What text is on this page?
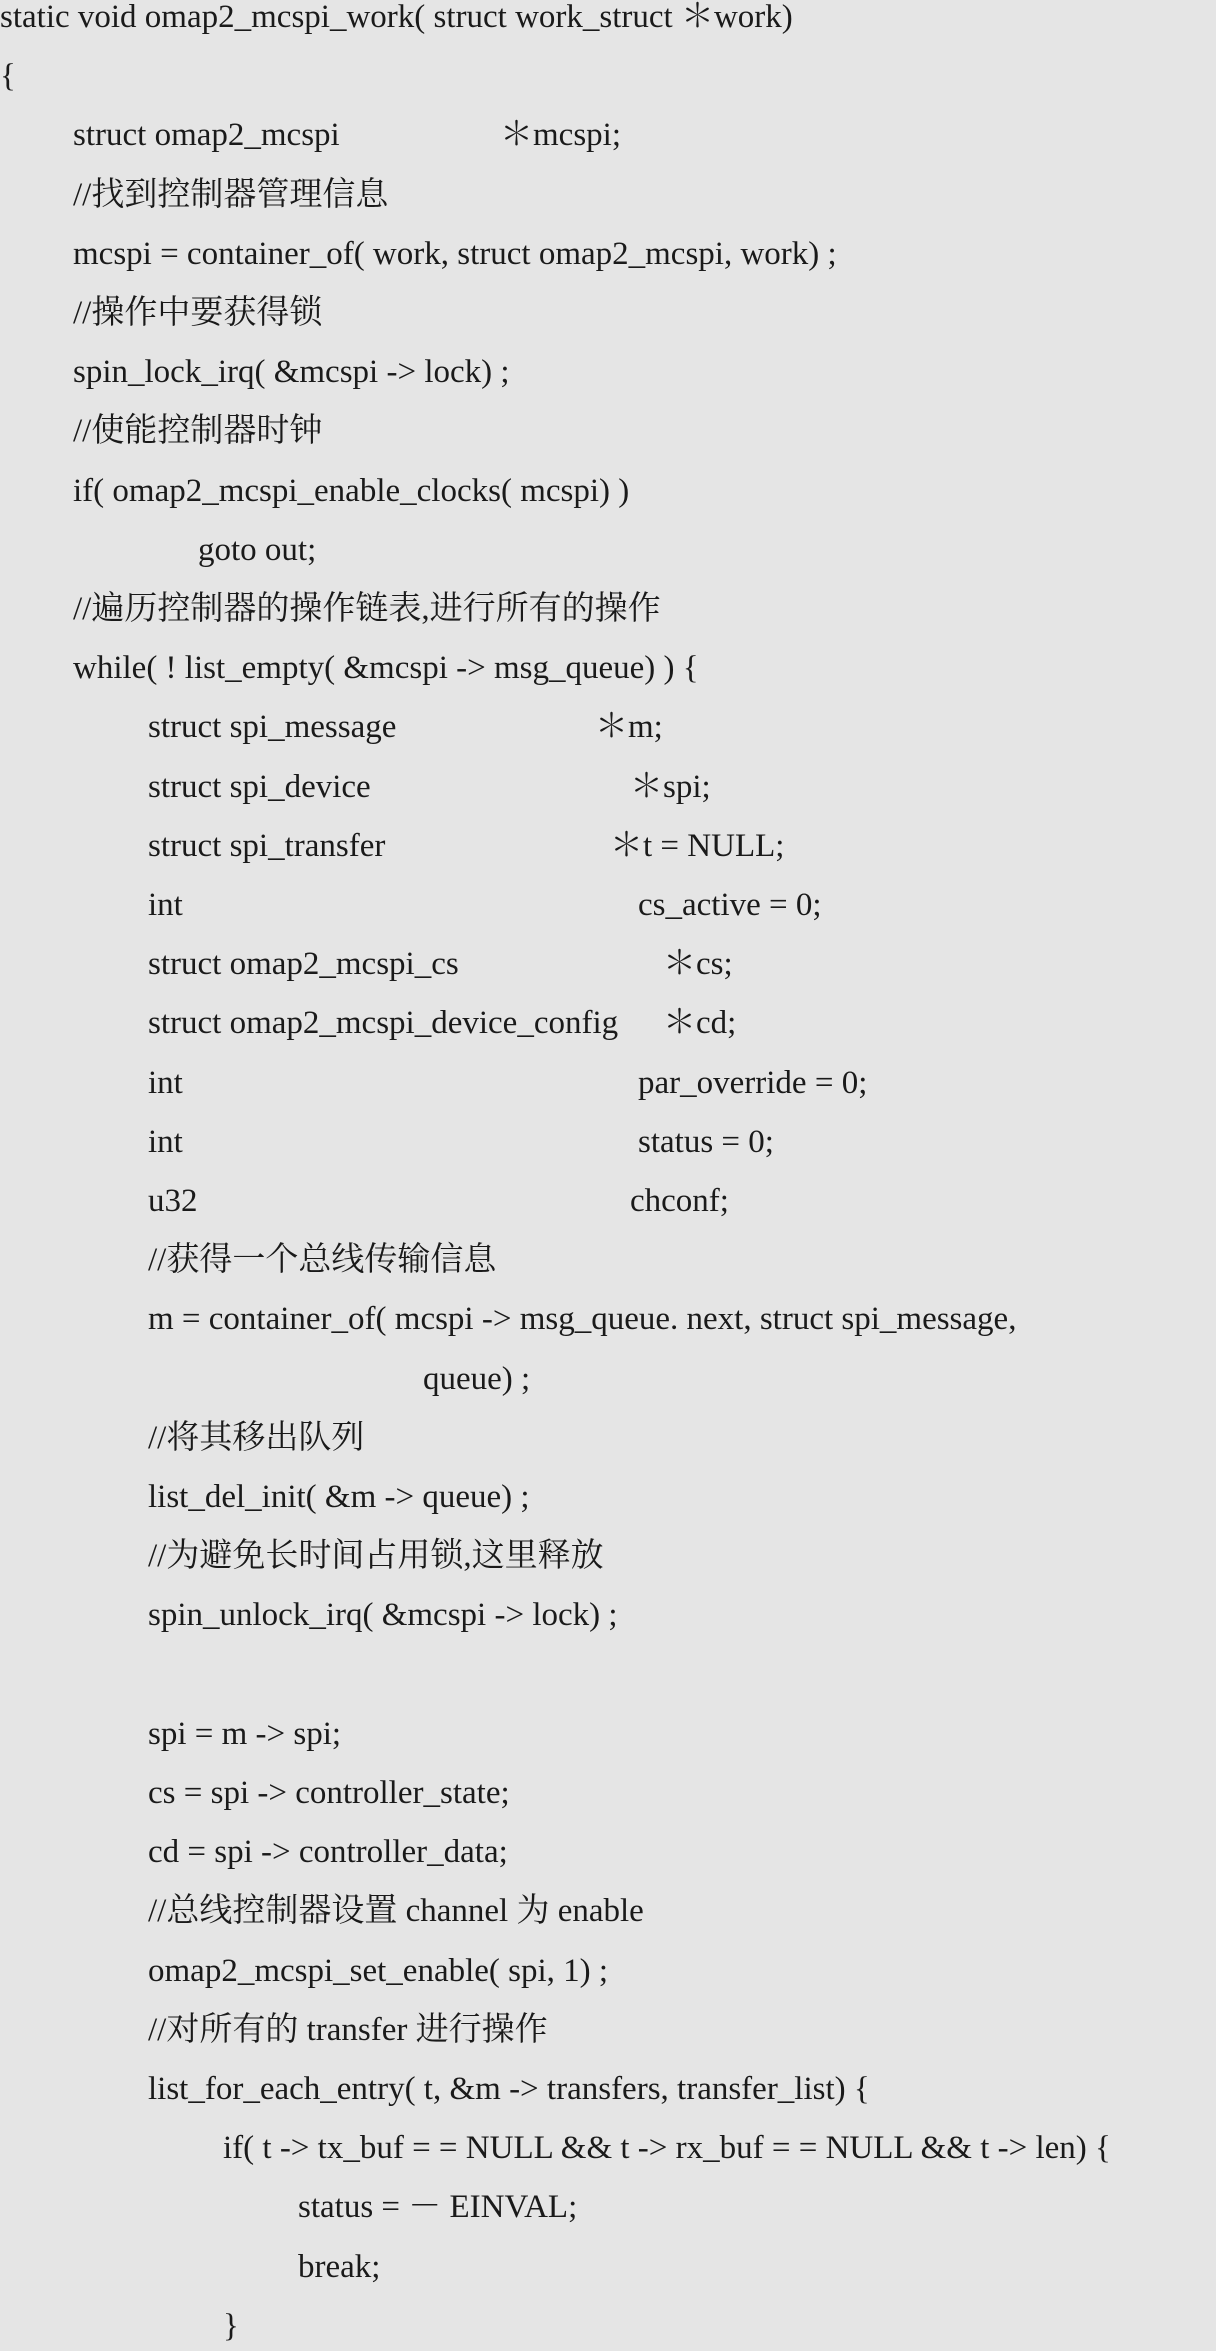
static void omap2_mcspi_work( struct work_struct ＊work)
{
struct omap2_mcspi	＊mcspi;
//找到控制器管理信息
mcspi = container_of( work, struct omap2_mcspi, work) ;
//操作中要获得锁
spin_lock_irq( &mcspi -> lock) ;
//使能控制器时钟
if( omap2_mcspi_enable_clocks( mcspi) )
goto out;
//遍历控制器的操作链表,进行所有的操作
while( ! list_empty( &mcspi -> msg_queue) ) {
struct spi_message	＊m;
struct spi_device	＊spi;
struct spi_transfer	＊t = NULL;
int	cs_active = 0;
struct omap2_mcspi_cs	＊cs;
struct omap2_mcspi_device_config ＊cd;
int	par_override = 0;
int	status = 0;
u32	chconf;
//获得一个总线传输信息
m = container_of( mcspi -> msg_queue. next, struct spi_message,
queue) ;
//将其移出队列
list_del_init( &m -> queue) ;
//为避免长时间占用锁,这里释放
spin_unlock_irq( &mcspi -> lock) ;
spi = m -> spi;
cs = spi -> controller_state;
cd = spi -> controller_data;
//总线控制器设置 channel 为 enable
omap2_mcspi_set_enable( spi, 1) ;
//对所有的 transfer 进行操作
list_for_each_entry( t, &m -> transfers, transfer_list) {
if( t -> tx_buf = = NULL && t -> rx_buf = = NULL && t -> len) {
status = － EINVAL;
break;
}
